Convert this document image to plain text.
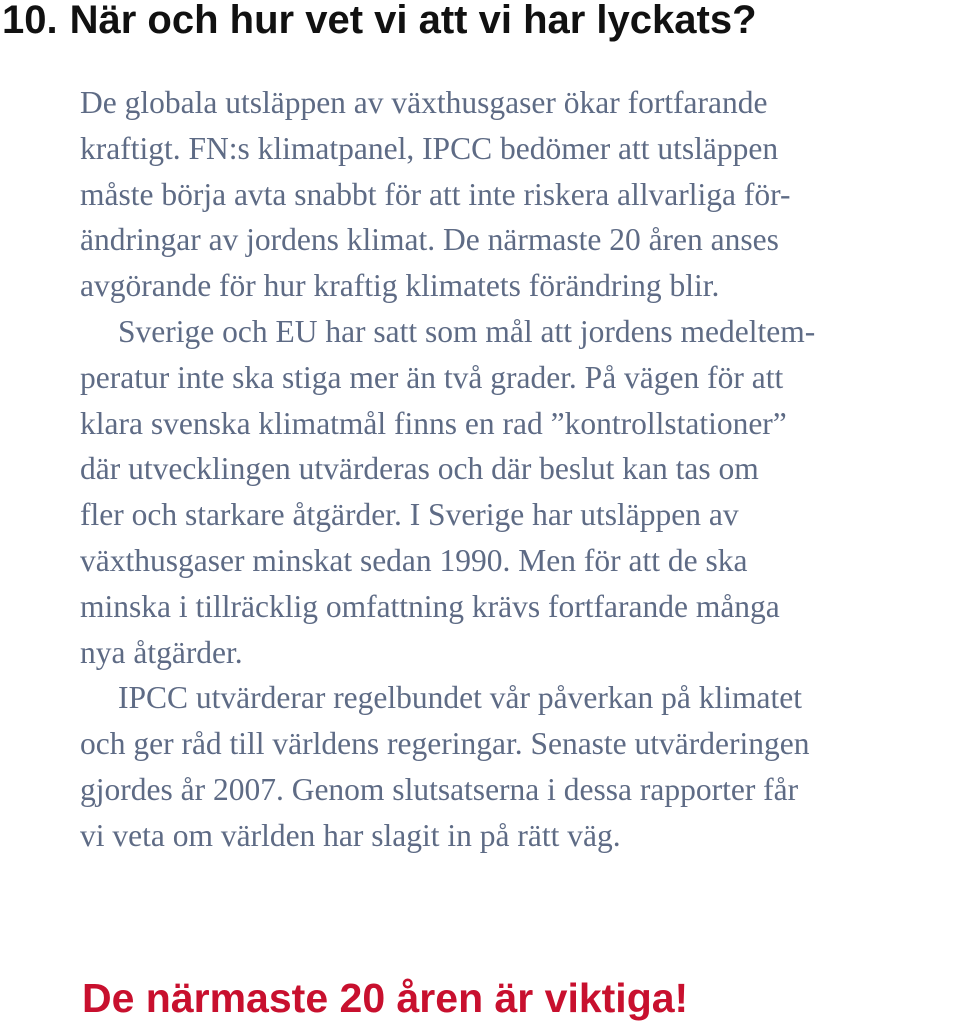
10. När och hur vet vi att vi har lyckats?
De globala utsläppen av växthusgaser ökar fortfarande
kraftigt. FN:s klimatpanel, IPCC bedömer att utsläppen
måste börja avta snabbt för att inte riskera allvarliga för-
ändringar av jordens klimat. De närmaste 20 åren anses
avgörande för hur kraftig klimatets förändring blir.
Sverige och EU har satt som mål att jordens medeltem-
peratur inte ska stiga mer än två grader. På vägen för att
klara svenska klimatmål finns en rad ”kontrollstationer”
där utvecklingen utvärderas och där beslut kan tas om
fler och starkare åtgärder. I Sverige har utsläppen av
växthusgaser minskat sedan 1990. Men för att de ska
minska i tillräcklig omfattning krävs fortfarande många
nya åtgärder.
IPCC utvärderar regelbundet vår påverkan på klimatet
och ger råd till världens regeringar. Senaste utvärderingen
gjordes år 2007. Genom slutsatserna i dessa rapporter får
vi veta om världen har slagit in på rätt väg.

De närmaste 20 åren är viktiga!
